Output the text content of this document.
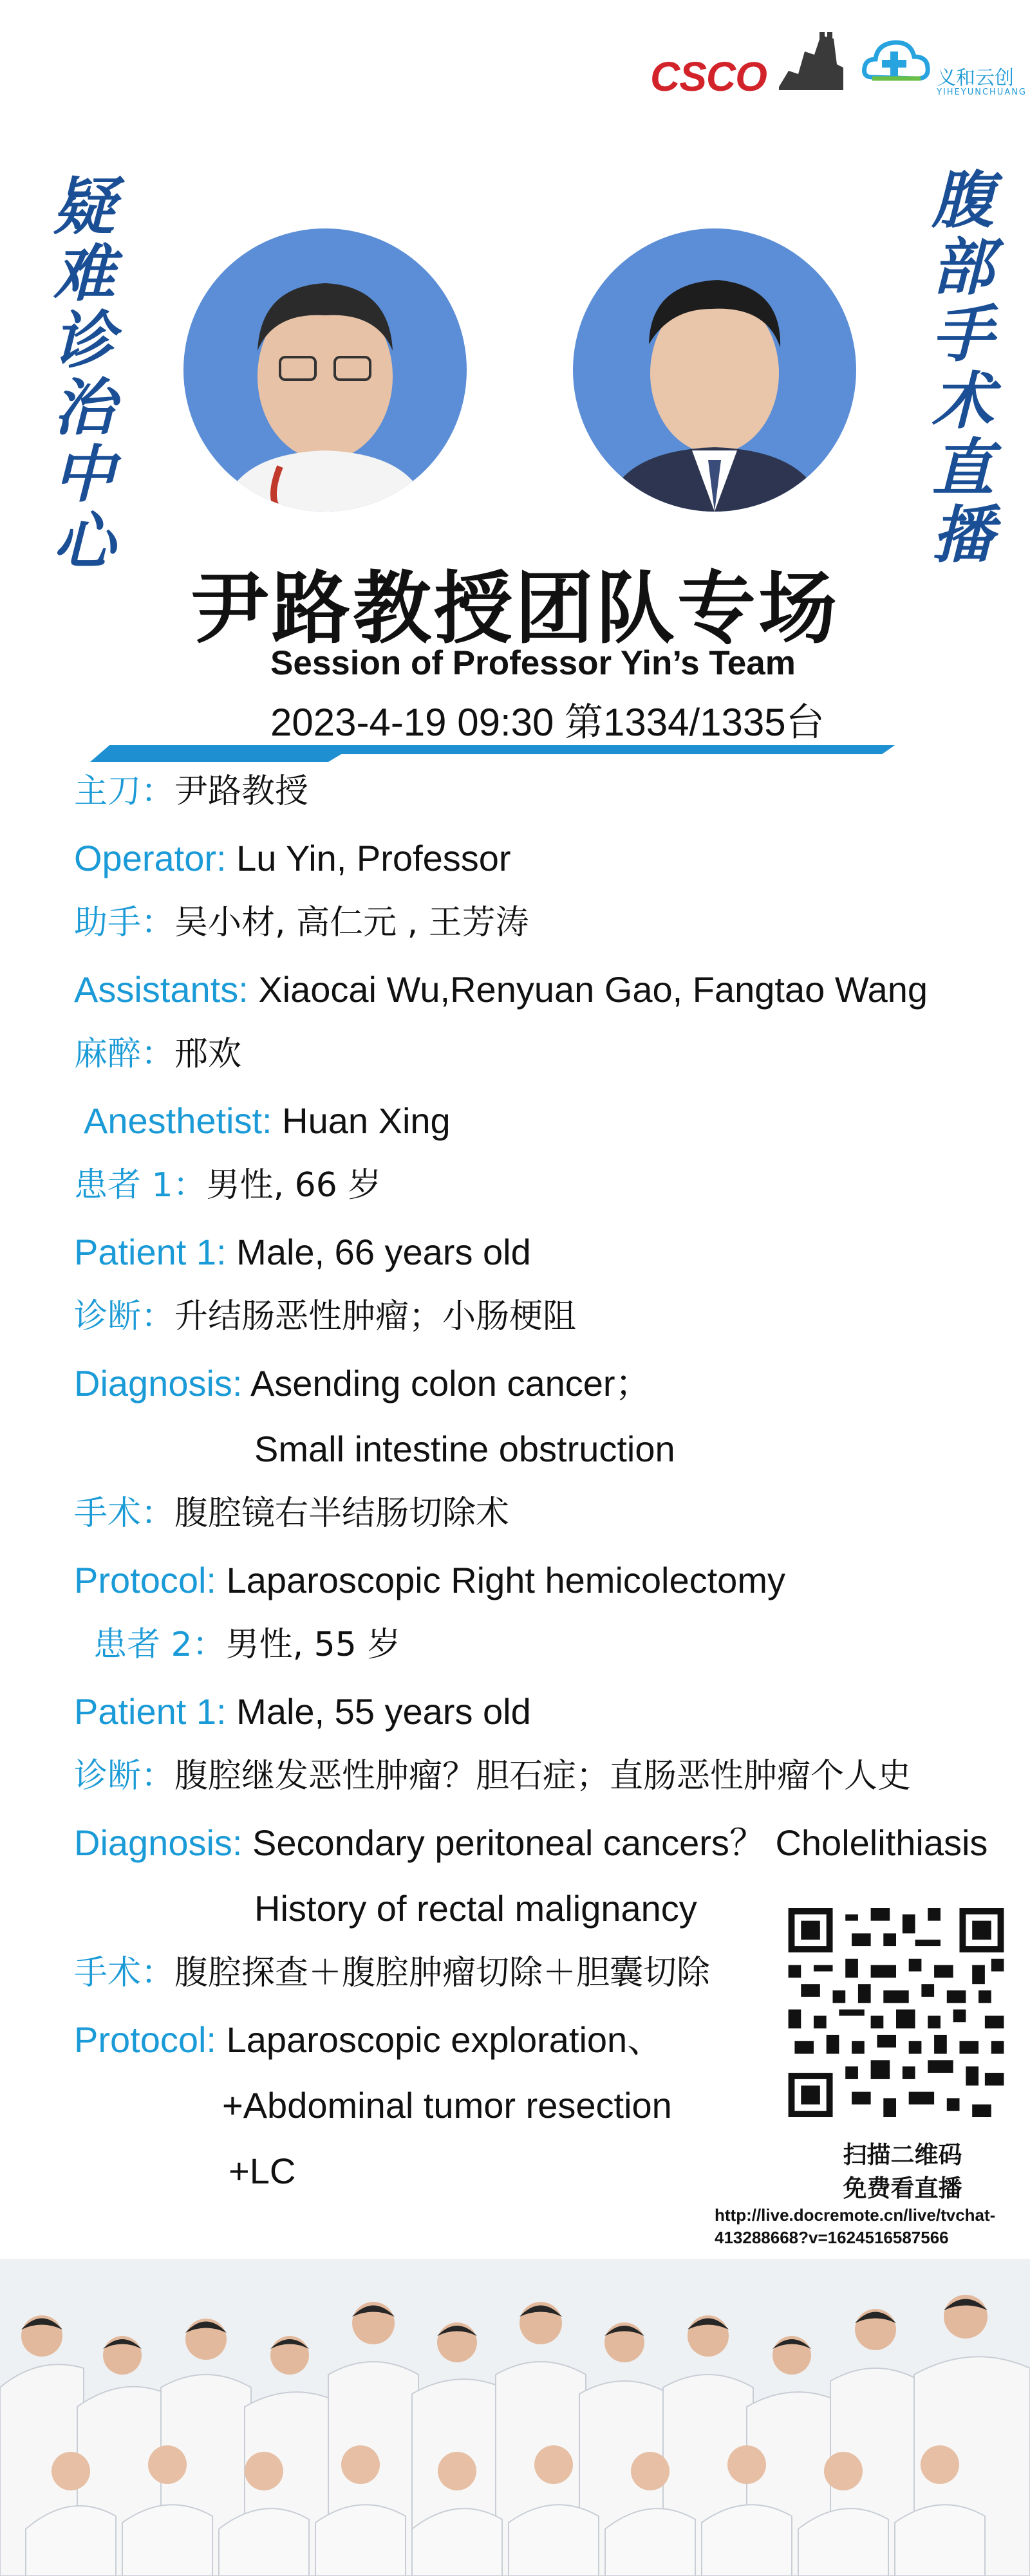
CSCO	义和云创
YIHEYUNCHUANG
疑难诊治中心	腹部手术直播
尹路教授团队专场
Session of Professor Yin’s Team
2023-4-19 09:30 第1334/1335台
主刀：尹路教授
Operator: Lu Yin, Professor
助手：吴小材, 高仁元 , 王芳涛
Assistants: Xiaocai Wu,Renyuan Gao, Fangtao Wang
麻醉：邢欢
Anesthetist: Huan Xing
患者 1：男性, 66 岁
Patient 1: Male, 66 years old
诊断：升结肠恶性肿瘤；小肠梗阻
Diagnosis: Asending colon cancer；
Small intestine obstruction
手术：腹腔镜右半结肠切除术
Protocol: Laparoscopic Right hemicolectomy
患者 2：男性, 55 岁
Patient 1: Male, 55 years old
诊断：腹腔继发恶性肿瘤？胆石症；直肠恶性肿瘤个人史
Diagnosis: Secondary peritoneal cancers？ Cholelithiasis
History of rectal malignancy
手术：腹腔探查＋腹腔肿瘤切除＋胆囊切除
Protocol: Laparoscopic exploration、
+Abdominal tumor resection
+LC	扫描二维码
免费看直播
http://live.docremote.cn/live/tvchat-413288668?v=1624516587566
